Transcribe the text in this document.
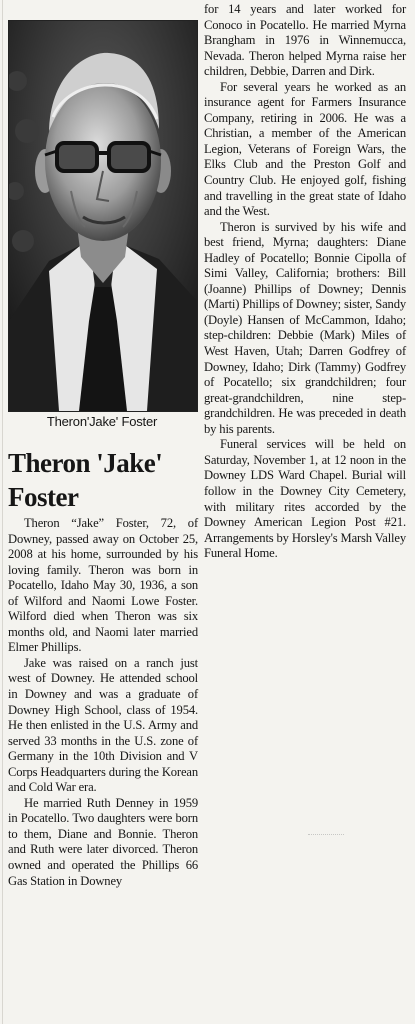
Theron'Jake' Foster
Theron 'Jake' Foster

Theron “Jake” Foster, 72, of Downey, passed away on October 25, 2008 at his home, surrounded by his loving family. Theron was born in Pocatello, Idaho May 30, 1936, a son of Wilford and Naomi Lowe Foster. Wilford died when Theron was six months old, and Naomi later married Elmer Phillips.

Jake was raised on a ranch just west of Downey. He attended school in Downey and was a graduate of Downey High School, class of 1954. He then enlisted in the U.S. Army and served 33 months in the U.S. zone of Germany in the 10th Division and V Corps Headquarters during the Korean and Cold War era.

He married Ruth Denney in 1959 in Pocatello. Two daughters were born to them, Diane and Bonnie. Theron and Ruth were later divorced. Theron owned and operated the Phillips 66 Gas Station in Downey

for 14 years and later worked for Conoco in Pocatello. He married Myrna Brangham in 1976 in Winnemucca, Nevada. Theron helped Myrna raise her children, Debbie, Darren and Dirk.

For several years he worked as an insurance agent for Farmers Insurance Company, retiring in 2006. He was a Christian, a member of the American Legion, Veterans of Foreign Wars, the Elks Club and the Preston Golf and Country Club. He enjoyed golf, fishing and travelling in the great state of Idaho and the West.

Theron is survived by his wife and best friend, Myrna; daughters: Diane Hadley of Pocatello; Bonnie Cipolla of Simi Valley, California; brothers: Bill (Joanne) Phillips of Downey; Dennis (Marti) Phillips of Downey; sister, Sandy (Doyle) Hansen of McCammon, Idaho; step-children: Debbie (Mark) Miles of West Haven, Utah; Darren Godfrey of Downey, Idaho; Dirk (Tammy) Godfrey of Pocatello; six grandchildren; four great-grandchildren, nine step-grandchildren. He was preceded in death by his parents.

Funeral services will be held on Saturday, November 1, at 12 noon in the Downey LDS Ward Chapel. Burial will follow in the Downey City Cemetery, with military rites accorded by the Downey American Legion Post #21. Arrangements by Horsley's Marsh Valley Funeral Home.
